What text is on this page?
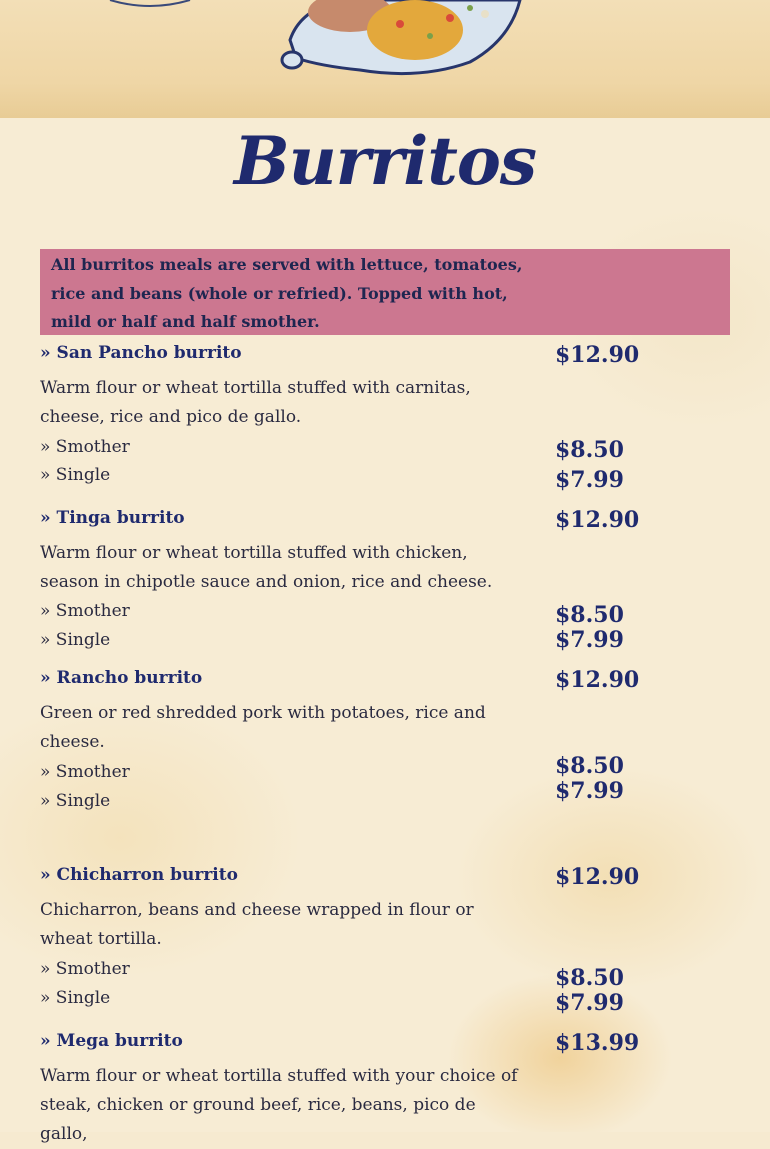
Burritos
All burritos meals are served with lettuce, tomatoes, rice and beans (whole or refried). Topped with hot, mild or half and half smother.
» San Pancho burrito	$12.90
Warm flour or wheat tortilla stuffed with carnitas, cheese, rice and pico de gallo.
» Smother	$8.50
» Single	$7.99
» Tinga burrito	$12.90
Warm flour or wheat tortilla stuffed with chicken, season in chipotle sauce and onion, rice and cheese.
» Smother	$8.50
» Single	$7.99
» Rancho burrito	$12.90
Green or red shredded pork with potatoes, rice and cheese.
» Smother	$8.50
» Single	$7.99
» Chicharron burrito	$12.90
Chicharron, beans and cheese wrapped in flour or wheat tortilla.
» Smother	$8.50
» Single	$7.99
» Mega burrito	$13.99
Warm flour or wheat tortilla stuffed with your choice of steak, chicken or ground beef, rice, beans, pico de gallo,
